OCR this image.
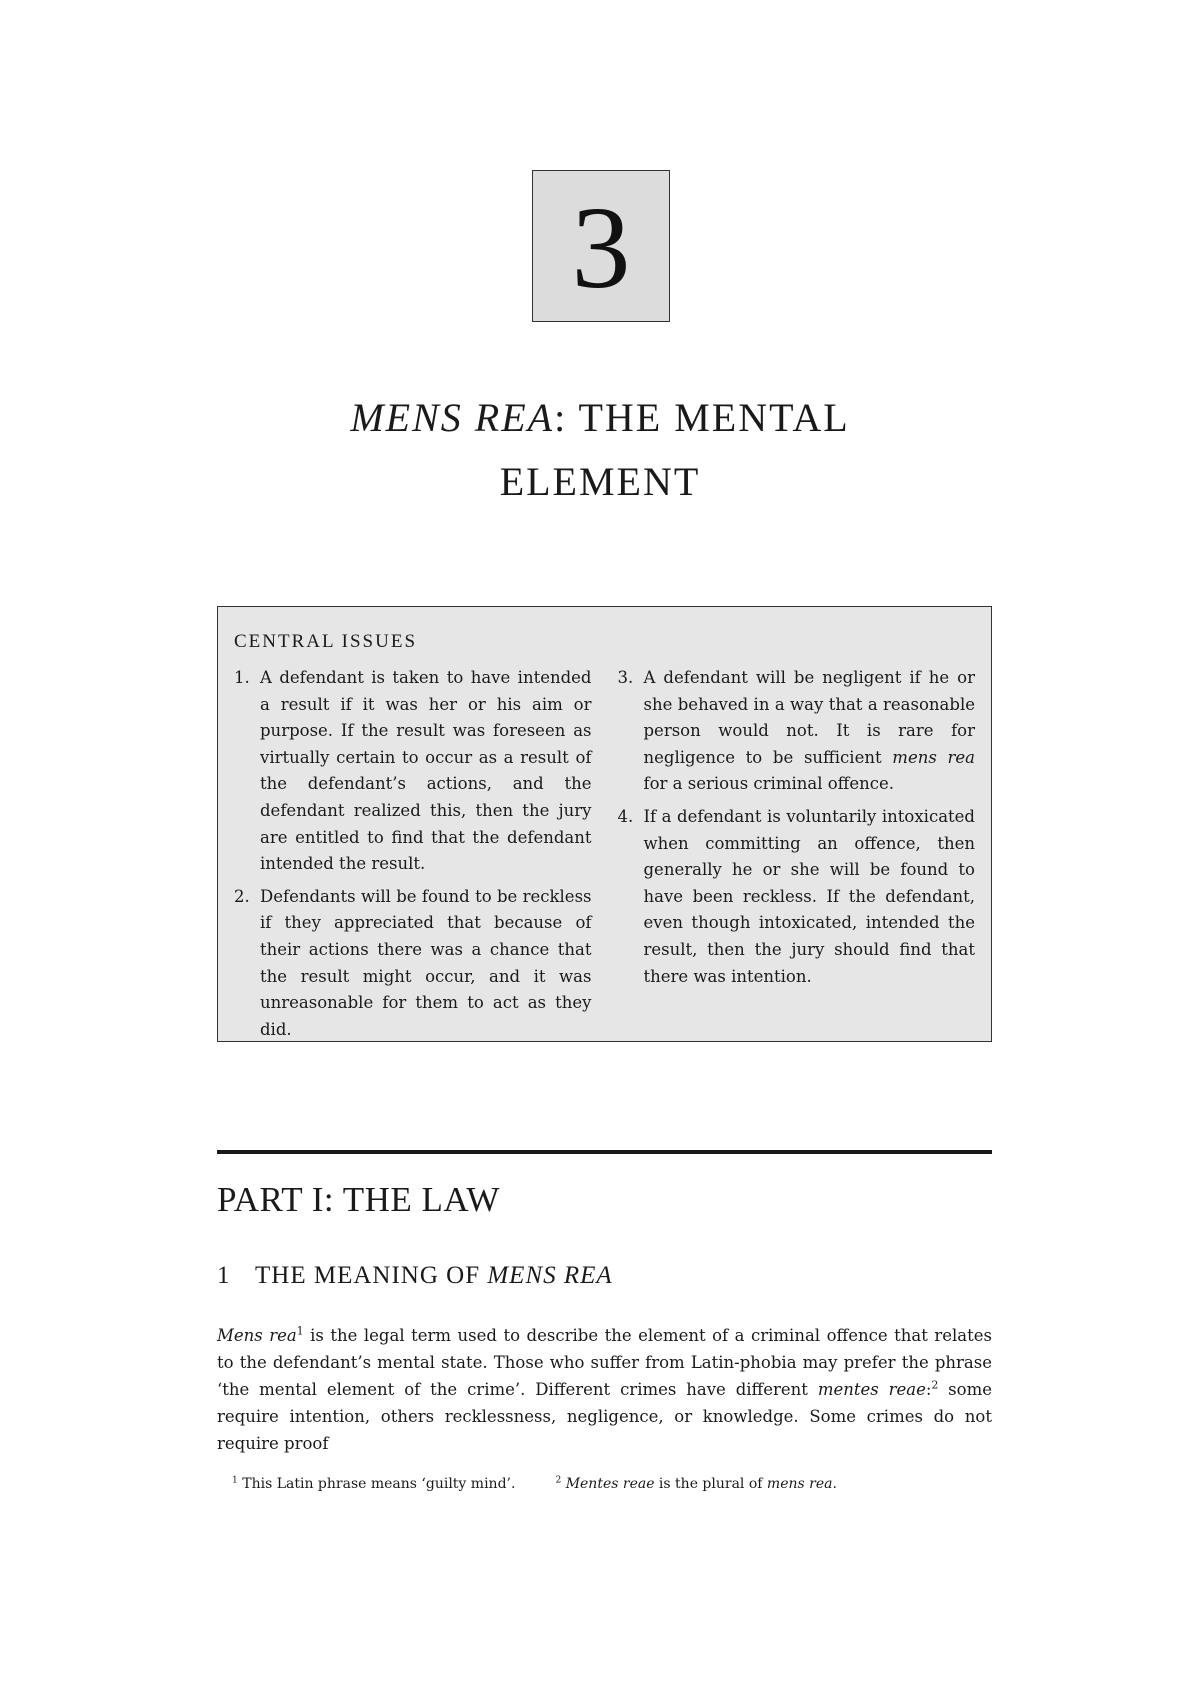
3
MENS REA: THE MENTAL
ELEMENT
CENTRAL ISSUES
1. A defendant is taken to have intended a result if it was her or his aim or purpose. If the result was foreseen as virtually certain to occur as a result of the defendant’s actions, and the defendant realized this, then the jury are entitled to find that the defendant intended the result.
2. Defendants will be found to be reckless if they appreciated that because of their actions there was a chance that the result might occur, and it was unreasonable for them to act as they did.
3. A defendant will be negligent if he or she behaved in a way that a reasonable person would not. It is rare for negligence to be sufficient mens rea for a serious criminal offence.
4. If a defendant is voluntarily intoxicated when committing an offence, then generally he or she will be found to have been reckless. If the defendant, even though intoxicated, intended the result, then the jury should find that there was intention.
PART I: THE LAW
1 THE MEANING OF MENS REA

Mens rea$^1$ is the legal term used to describe the element of a criminal offence that relates to the defendant’s mental state. Those who suffer from Latin-phobia may prefer the phrase ‘the mental element of the crime’. Different crimes have different mentes reae:$^2$ some require intention, others recklessness, negligence, or knowledge. Some crimes do not require proof

$^1$ This Latin phrase means ‘guilty mind’.	$^2$ Mentes reae is the plural of mens rea.
